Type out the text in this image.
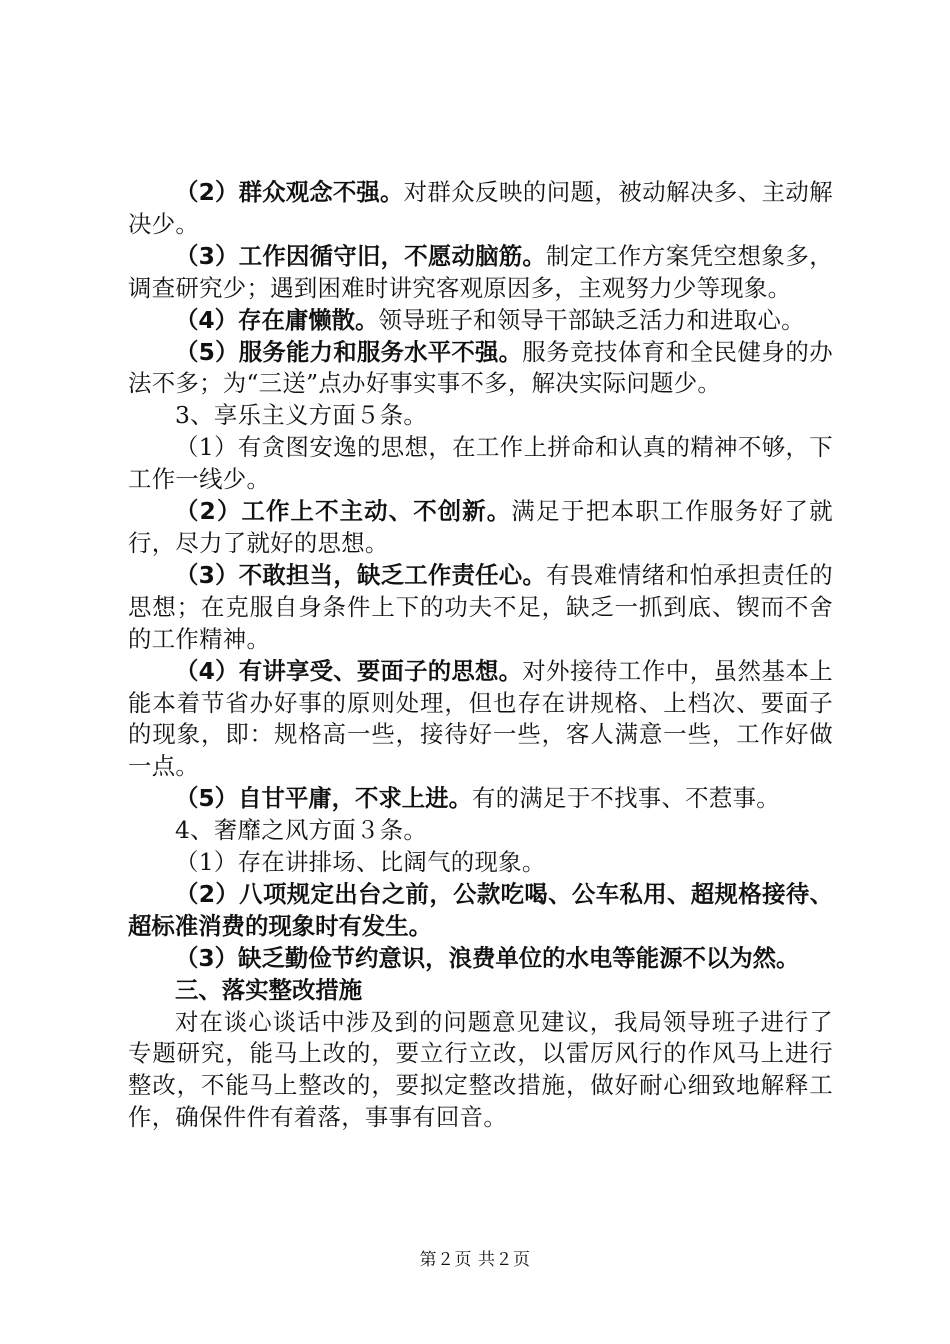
（2）群众观念不强。对群众反映的问题，被动解决多、主动解决少。

（3）工作因循守旧，不愿动脑筋。制定工作方案凭空想象多，调查研究少；遇到困难时讲究客观原因多，主观努力少等现象。

（4）存在庸懒散。领导班子和领导干部缺乏活力和进取心。

（5）服务能力和服务水平不强。服务竞技体育和全民健身的办法不多；为“三送”点办好事实事不多，解决实际问题少。

3、享乐主义方面５条。

（1）有贪图安逸的思想，在工作上拼命和认真的精神不够，下工作一线少。

（2）工作上不主动、不创新。满足于把本职工作服务好了就行，尽力了就好的思想。

（3）不敢担当，缺乏工作责任心。有畏难情绪和怕承担责任的思想；在克服自身条件上下的功夫不足，缺乏一抓到底、锲而不舍的工作精神。

（4）有讲享受、要面子的思想。对外接待工作中，虽然基本上能本着节省办好事的原则处理，但也存在讲规格、上档次、要面子的现象，即：规格高一些，接待好一些，客人满意一些，工作好做一点。

（5）自甘平庸，不求上进。有的满足于不找事、不惹事。

4、奢靡之风方面３条。

（1）存在讲排场、比阔气的现象。

（2）八项规定出台之前，公款吃喝、公车私用、超规格接待、超标准消费的现象时有发生。

（3）缺乏勤俭节约意识，浪费单位的水电等能源不以为然。

三、落实整改措施

对在谈心谈话中涉及到的问题意见建议，我局领导班子进行了专题研究，能马上改的，要立行立改，以雷厉风行的作风马上进行整改，不能马上整改的，要拟定整改措施，做好耐心细致地解释工作，确保件件有着落，事事有回音。

第２页 共２页
